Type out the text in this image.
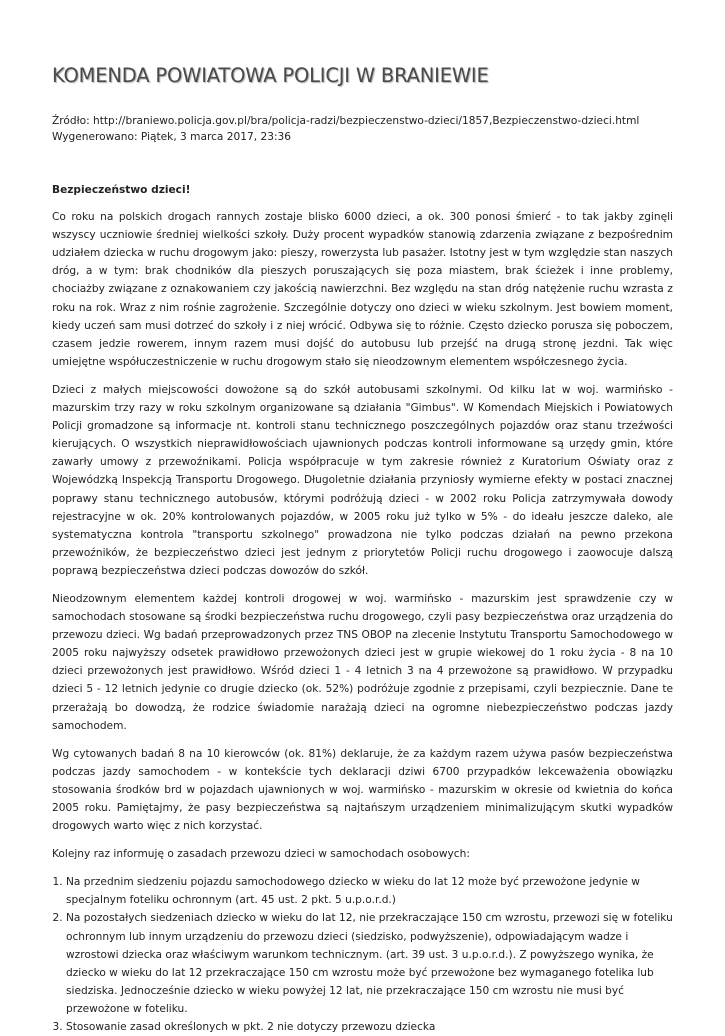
KOMENDA POWIATOWA POLICJI W BRANIEWIE
Źródło: http://braniewo.policja.gov.pl/bra/policja-radzi/bezpieczenstwo-dzieci/1857,Bezpieczenstwo-dzieci.html
Wygenerowano: Piątek, 3 marca 2017, 23:36
Bezpieczeństwo dzieci!

Co roku na polskich drogach rannych zostaje blisko 6000 dzieci, a ok. 300 ponosi śmierć - to tak jakby zginęli wszyscy uczniowie średniej wielkości szkoły. Duży procent wypadków stanowią zdarzenia związane z bezpośrednim udziałem dziecka w ruchu drogowym jako: pieszy, rowerzysta lub pasażer. Istotny jest w tym względzie stan naszych dróg, a w tym: brak chodników dla pieszych poruszających się poza miastem, brak ścieżek i inne problemy, chociażby związane z oznakowaniem czy jakością nawierzchni. Bez względu na stan dróg natężenie ruchu wzrasta z roku na rok. Wraz z nim rośnie zagrożenie. Szczególnie dotyczy ono dzieci w wieku szkolnym. Jest bowiem moment, kiedy uczeń sam musi dotrzeć do szkoły i z niej wrócić. Odbywa się to różnie. Często dziecko porusza się poboczem, czasem jedzie rowerem, innym razem musi dojść do autobusu lub przejść na drugą stronę jezdni. Tak więc umiejętne współuczestniczenie w ruchu drogowym stało się nieodzownym elementem współczesnego życia.

Dzieci z małych miejscowości dowożone są do szkół autobusami szkolnymi. Od kilku lat w woj. warmińsko - mazurskim trzy razy w roku szkolnym organizowane są działania "Gimbus". W Komendach Miejskich i Powiatowych Policji gromadzone są informacje nt. kontroli stanu technicznego poszczególnych pojazdów oraz stanu trzeźwości kierujących. O wszystkich nieprawidłowościach ujawnionych podczas kontroli informowane są urzędy gmin, które zawarły umowy z przewoźnikami. Policja współpracuje w tym zakresie również z Kuratorium Oświaty oraz z Wojewódzką Inspekcją Transportu Drogowego. Długoletnie działania przyniosły wymierne efekty w postaci znacznej poprawy stanu technicznego autobusów, którymi podróżują dzieci - w 2002 roku Policja zatrzymywała dowody rejestracyjne w ok. 20% kontrolowanych pojazdów, w 2005 roku już tylko w 5% - do ideału jeszcze daleko, ale systematyczna kontrola "transportu szkolnego" prowadzona nie tylko podczas działań na pewno przekona przewoźników, że bezpieczeństwo dzieci jest jednym z priorytetów Policji ruchu drogowego i zaowocuje dalszą poprawą bezpieczeństwa dzieci podczas dowozów do szkół.

Nieodzownym elementem każdej kontroli drogowej w woj. warmińsko - mazurskim jest sprawdzenie czy w samochodach stosowane są środki bezpieczeństwa ruchu drogowego, czyli pasy bezpieczeństwa oraz urządzenia do przewozu dzieci. Wg badań przeprowadzonych przez TNS OBOP na zlecenie Instytutu Transportu Samochodowego w 2005 roku najwyższy odsetek prawidłowo przewożonych dzieci jest w grupie wiekowej do 1 roku życia - 8 na 10 dzieci przewożonych jest prawidłowo. Wśród dzieci 1 - 4 letnich 3 na 4 przewożone są prawidłowo. W przypadku dzieci 5 - 12 letnich jedynie co drugie dziecko (ok. 52%) podróżuje zgodnie z przepisami, czyli bezpiecznie. Dane te przerażają bo dowodzą, że rodzice świadomie narażają dzieci na ogromne niebezpieczeństwo podczas jazdy samochodem.

Wg cytowanych badań 8 na 10 kierowców (ok. 81%) deklaruje, że za każdym razem używa pasów bezpieczeństwa podczas jazdy samochodem - w kontekście tych deklaracji dziwi 6700 przypadków lekceważenia obowiązku stosowania środków brd w pojazdach ujawnionych w woj. warmińsko - mazurskim w okresie od kwietnia do końca 2005 roku. Pamiętajmy, że pasy bezpieczeństwa są najtańszym urządzeniem minimalizującym skutki wypadków drogowych warto więc z nich korzystać.

Kolejny raz informuję o zasadach przewozu dzieci w samochodach osobowych:

1. Na przednim siedzeniu pojazdu samochodowego dziecko w wieku do lat 12 może być przewożone jedynie w specjalnym foteliku ochronnym (art. 45 ust. 2 pkt. 5 u.p.o.r.d.)
2. Na pozostałych siedzeniach dziecko w wieku do lat 12, nie przekraczające 150 cm wzrostu, przewozi się w foteliku ochronnym lub innym urządzeniu do przewozu dzieci (siedzisko, podwyższenie), odpowiadającym wadze i wzrostowi dziecka oraz właściwym warunkom technicznym. (art. 39 ust. 3 u.p.o.r.d.). Z powyższego wynika, że dziecko w wieku do lat 12 przekraczające 150 cm wzrostu może być przewożone bez wymaganego fotelika lub siedziska. Jednocześnie dziecko w wieku powyżej 12 lat, nie przekraczające 150 cm wzrostu nie musi być przewożone w foteliku.
3. Stosowanie zasad określonych w pkt. 2 nie dotyczy przewozu dziecka
